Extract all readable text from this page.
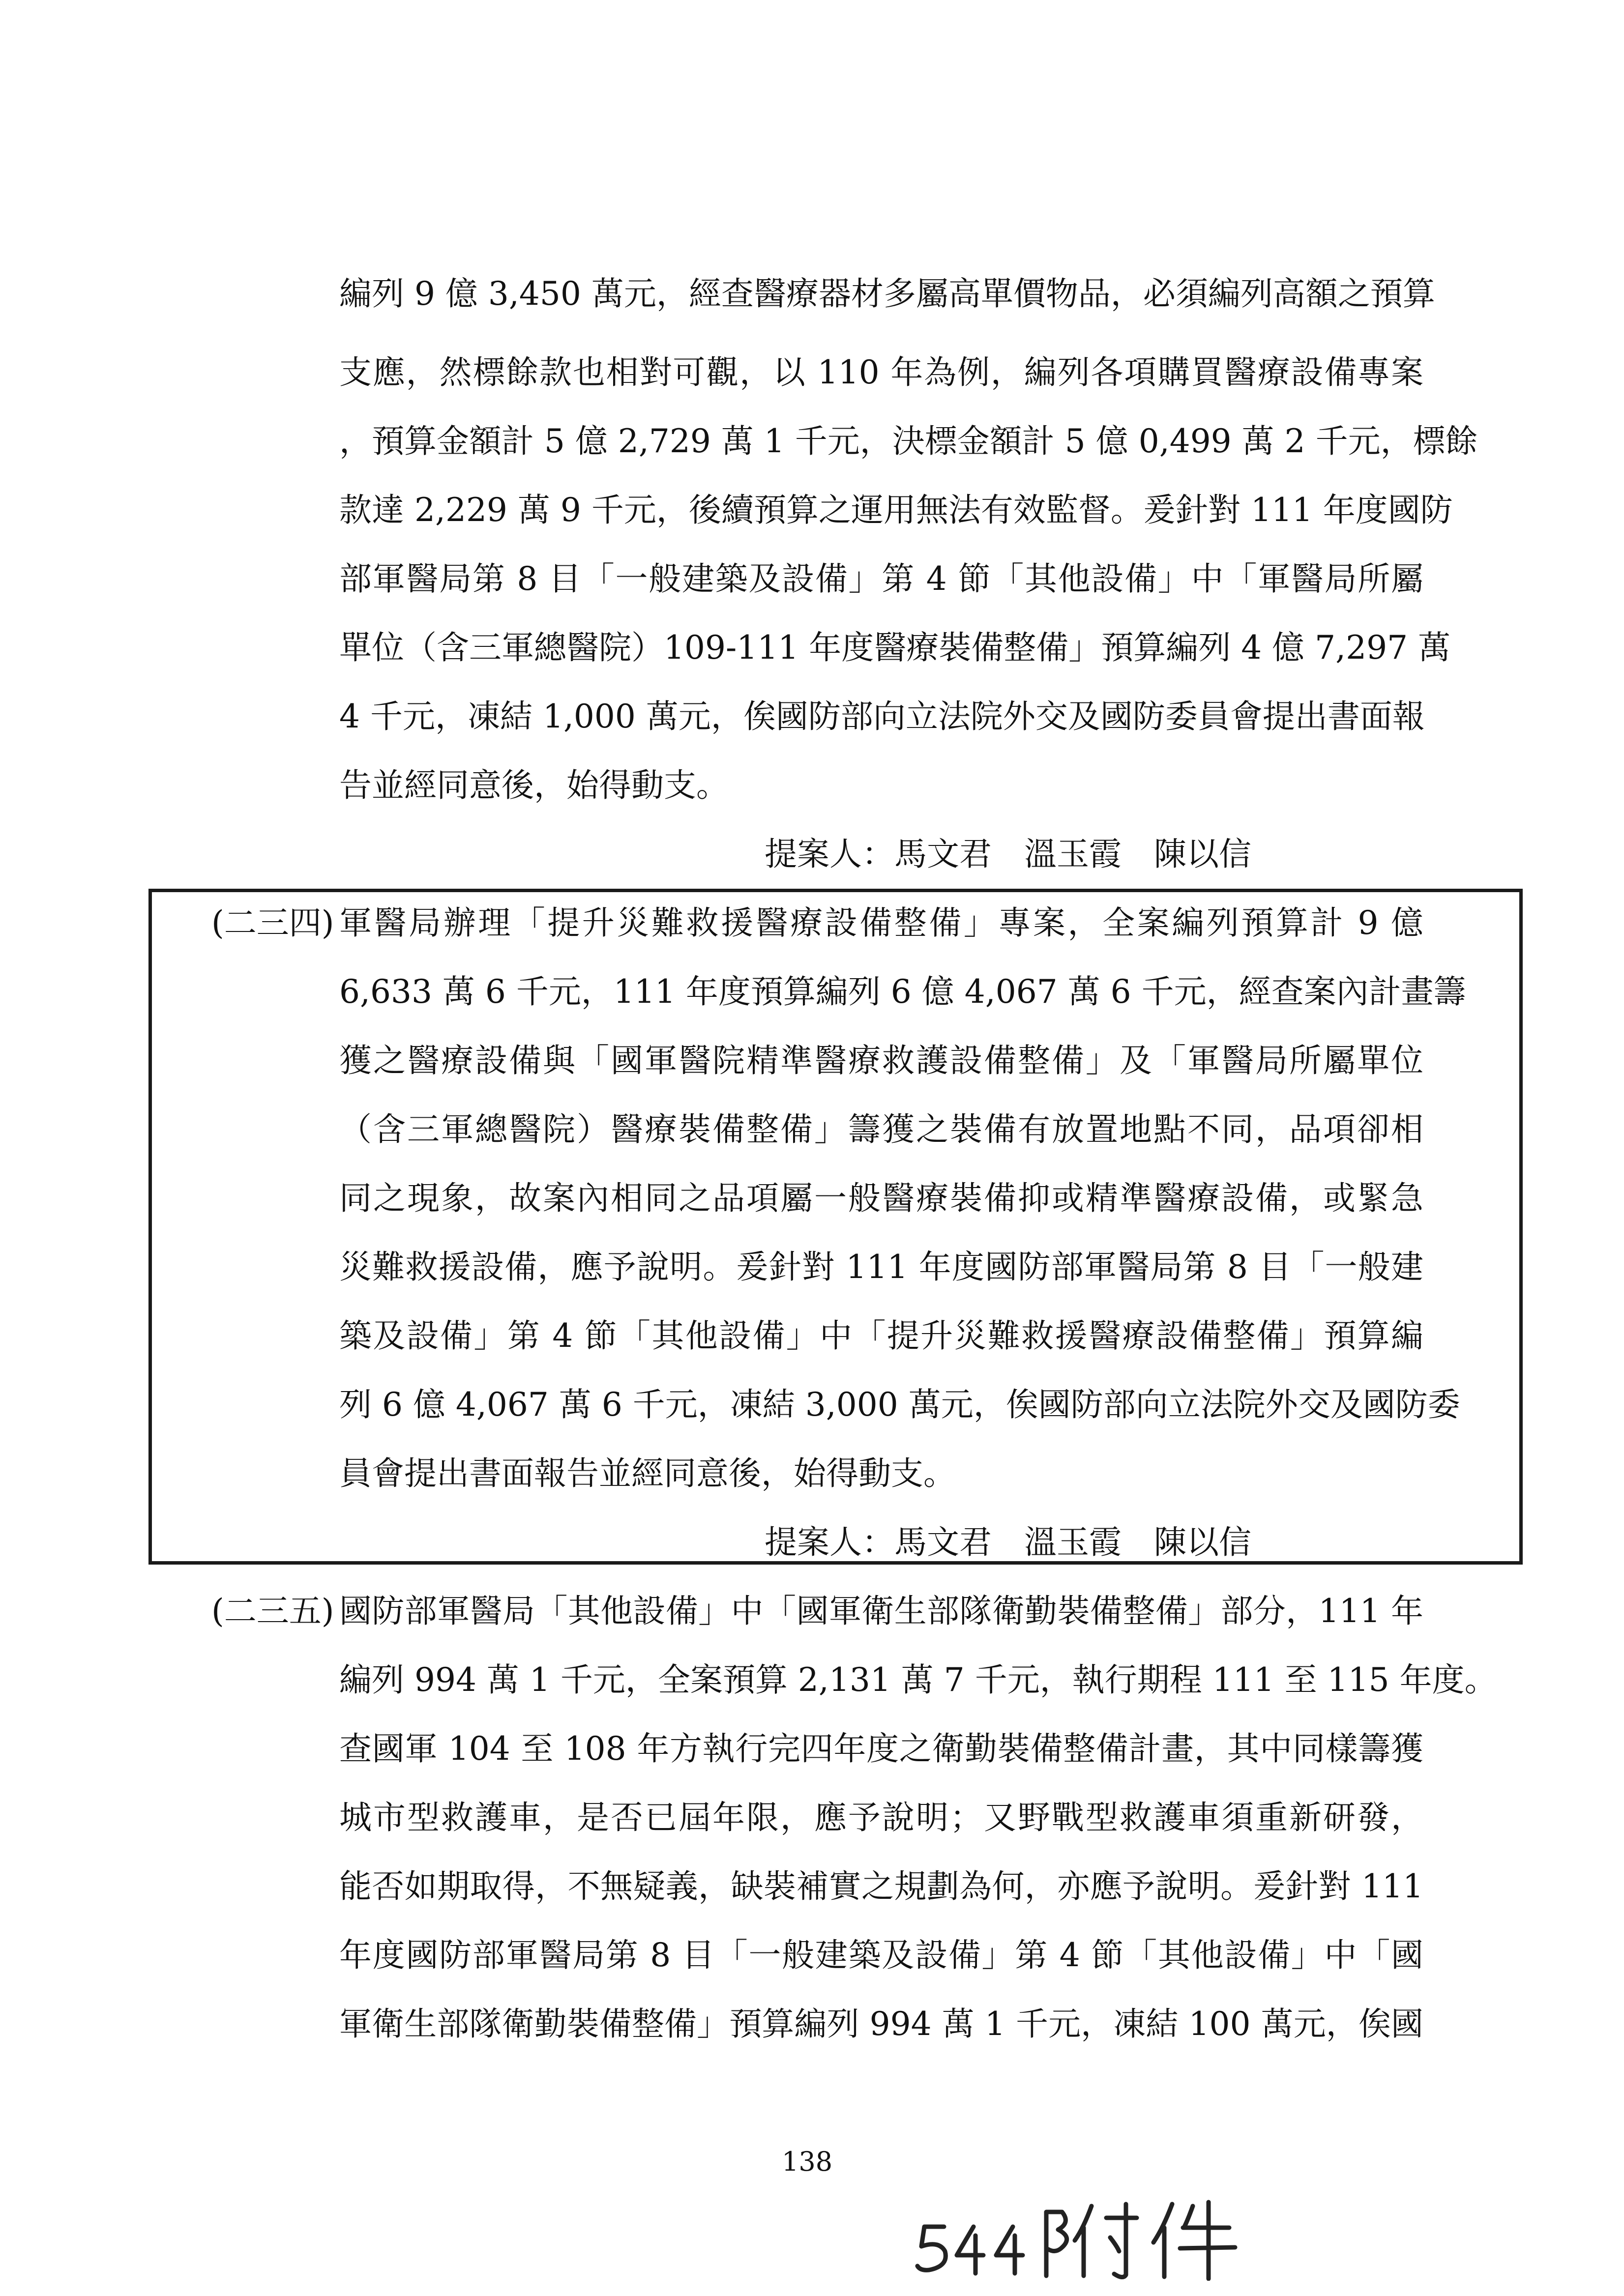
編列 9 億 3,450 萬元，經查醫療器材多屬高單價物品，必須編列高額之預算
支應，然標餘款也相對可觀，以 110 年為例，編列各項購買醫療設備專案
，預算金額計 5 億 2,729 萬 1 千元，決標金額計 5 億 0,499 萬 2 千元，標餘
款達 2,229 萬 9 千元，後續預算之運用無法有效監督。爰針對 111 年度國防
部軍醫局第 8 目「一般建築及設備」第 4 節「其他設備」中「軍醫局所屬
單位（含三軍總醫院）109-111 年度醫療裝備整備」預算編列 4 億 7,297 萬
4 千元，凍結 1,000 萬元，俟國防部向立法院外交及國防委員會提出書面報
告並經同意後，始得動支。
提案人：馬文君　溫玉霞　陳以信
(二三四) 軍醫局辦理「提升災難救援醫療設備整備」專案，全案編列預算計 9 億
6,633 萬 6 千元，111 年度預算編列 6 億 4,067 萬 6 千元，經查案內計畫籌
獲之醫療設備與「國軍醫院精準醫療救護設備整備」及「軍醫局所屬單位
（含三軍總醫院）醫療裝備整備」籌獲之裝備有放置地點不同，品項卻相
同之現象，故案內相同之品項屬一般醫療裝備抑或精準醫療設備，或緊急
災難救援設備，應予說明。爰針對 111 年度國防部軍醫局第 8 目「一般建
築及設備」第 4 節「其他設備」中「提升災難救援醫療設備整備」預算編
列 6 億 4,067 萬 6 千元，凍結 3,000 萬元，俟國防部向立法院外交及國防委
員會提出書面報告並經同意後，始得動支。
提案人：馬文君　溫玉霞　陳以信
(二三五) 國防部軍醫局「其他設備」中「國軍衛生部隊衛勤裝備整備」部分，111 年
編列 994 萬 1 千元，全案預算 2,131 萬 7 千元，執行期程 111 至 115 年度。
查國軍 104 至 108 年方執行完四年度之衛勤裝備整備計畫，其中同樣籌獲
城市型救護車，是否已屆年限，應予說明；又野戰型救護車須重新研發，
能否如期取得，不無疑義，缺裝補實之規劃為何，亦應予說明。爰針對 111
年度國防部軍醫局第 8 目「一般建築及設備」第 4 節「其他設備」中「國
軍衛生部隊衛勤裝備整備」預算編列 994 萬 1 千元，凍結 100 萬元，俟國
138
